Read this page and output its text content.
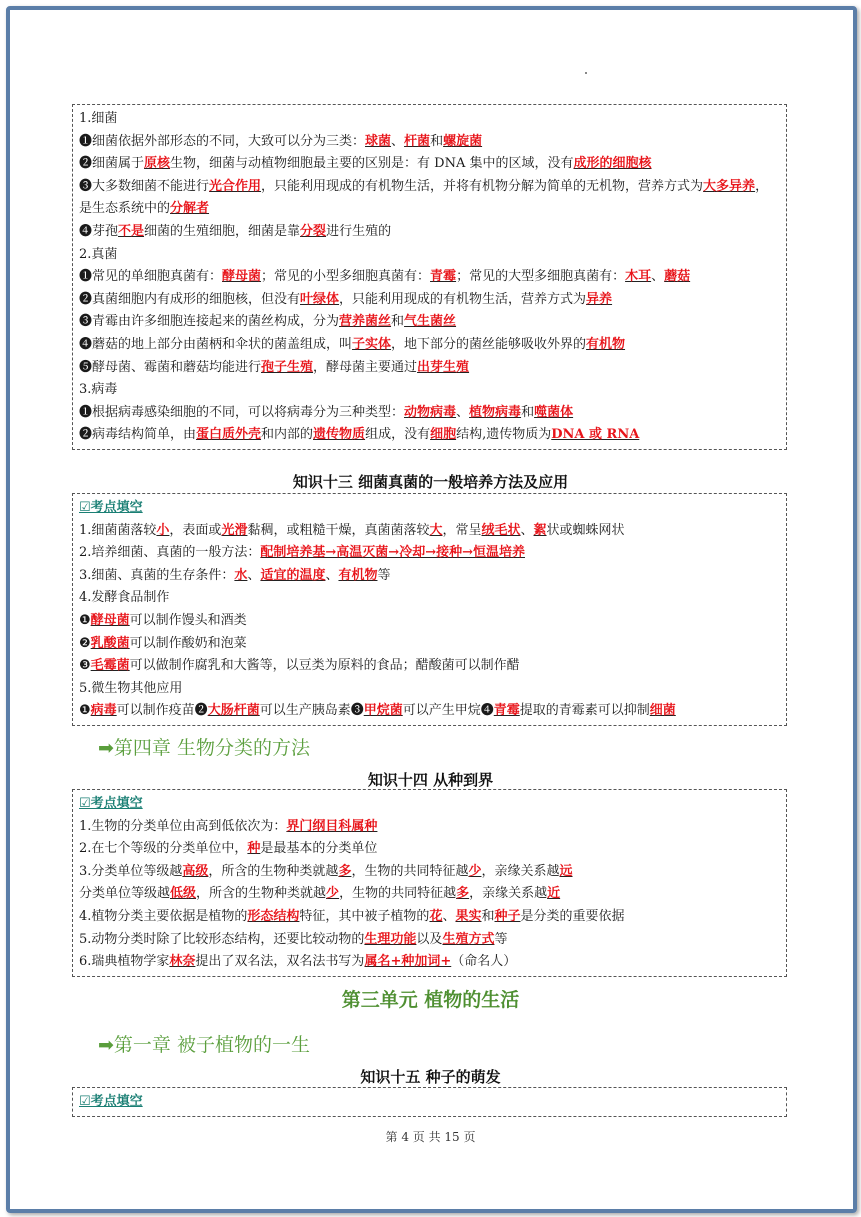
1.细菌
❶细菌依据外部形态的不同，大致可以分为三类：球菌、杆菌和螺旋菌
❷细菌属于原核生物，细菌与动植物细胞最主要的区别是：有 DNA 集中的区域，没有成形的细胞核
❸大多数细菌不能进行光合作用，只能利用现成的有机物生活，并将有机物分解为简单的无机物，营养方式为大多异养，是生态系统中的分解者
❹芽孢不是细菌的生殖细胞，细菌是靠分裂进行生殖的
2.真菌
❶常见的单细胞真菌有：酵母菌；常见的小型多细胞真菌有：青霉；常见的大型多细胞真菌有：木耳、蘑菇
❷真菌细胞内有成形的细胞核，但没有叶绿体，只能利用现成的有机物生活，营养方式为异养
❸青霉由许多细胞连接起来的菌丝构成，分为营养菌丝和气生菌丝
❹蘑菇的地上部分由菌柄和伞状的菌盖组成，叫子实体，地下部分的菌丝能够吸收外界的有机物
❺酵母菌、霉菌和蘑菇均能进行孢子生殖，酵母菌主要通过出芽生殖
3.病毒
❶根据病毒感染细胞的不同，可以将病毒分为三种类型：动物病毒、植物病毒和噬菌体
❷病毒结构简单，由蛋白质外壳和内部的遗传物质组成，没有细胞结构,遗传物质为DNA 或 RNA
知识十三 细菌真菌的一般培养方法及应用
☑考点填空
1.细菌菌落较小，表面或光滑黏稠，或粗糙干燥，真菌菌落较大，常呈绒毛状、絮状或蜘蛛网状
2.培养细菌、真菌的一般方法：配制培养基→高温灭菌→冷却→接种→恒温培养
3.细菌、真菌的生存条件：水、适宜的温度、有机物等
4.发酵食品制作
❶酵母菌可以制作馒头和酒类
❷乳酸菌可以制作酸奶和泡菜
❸毛霉菌可以做制作腐乳和大酱等，以豆类为原料的食品；醋酸菌可以制作醋
5.微生物其他应用
❶病毒可以制作疫苗❷大肠杆菌可以生产胰岛素❸甲烷菌可以产生甲烷❹青霉提取的青霉素可以抑制细菌
➡第四章 生物分类的方法
知识十四 从种到界
☑考点填空
1.生物的分类单位由高到低依次为：界门纲目科属种
2.在七个等级的分类单位中，种是最基本的分类单位
3.分类单位等级越高级，所含的生物种类就越多，生物的共同特征越少，亲缘关系越远
分类单位等级越低级，所含的生物种类就越少，生物的共同特征越多，亲缘关系越近
4.植物分类主要依据是植物的形态结构特征，其中被子植物的花、果实和种子是分类的重要依据
5.动物分类时除了比较形态结构，还要比较动物的生理功能以及生殖方式等
6.瑞典植物学家林奈提出了双名法，双名法书写为属名+种加词+（命名人）
第三单元 植物的生活
➡第一章 被子植物的一生
知识十五 种子的萌发
☑考点填空
第 4 页 共 15 页
